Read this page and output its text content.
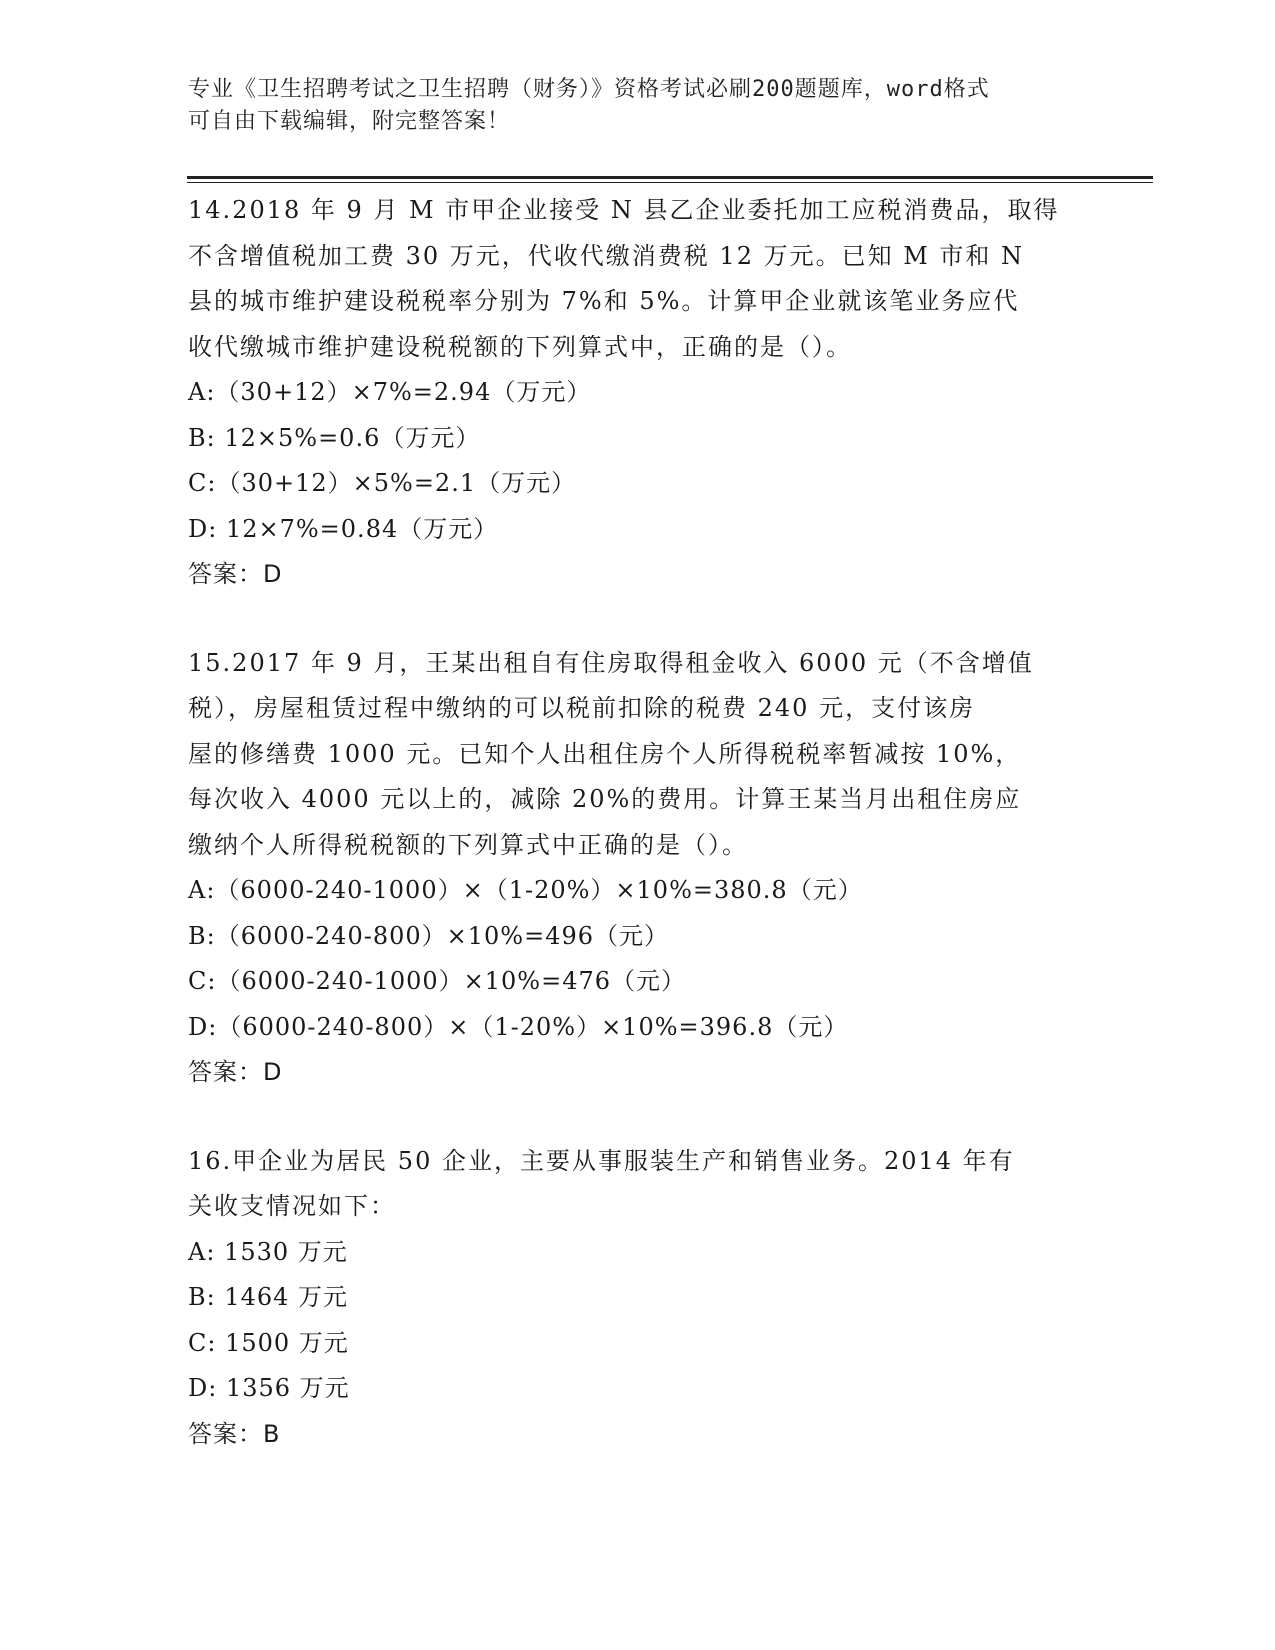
专业《卫生招聘考试之卫生招聘（财务）》资格考试必刷200题题库，word格式

可自由下载编辑，附完整答案！

14.2018 年 9 月 M 市甲企业接受 N 县乙企业委托加工应税消费品，取得

不含增值税加工费 30 万元，代收代缴消费税 12 万元。已知 M 市和 N

县的城市维护建设税税率分别为 7%和 5%。计算甲企业就该笔业务应代

收代缴城市维护建设税税额的下列算式中，正确的是（）。

A:（30+12）×7%=2.94（万元）

B: 12×5%=0.6（万元）

C:（30+12）×5%=2.1（万元）

D: 12×7%=0.84（万元）

答案：D

15.2017 年 9 月，王某出租自有住房取得租金收入 6000 元（不含增值

税），房屋租赁过程中缴纳的可以税前扣除的税费 240 元，支付该房

屋的修缮费 1000 元。已知个人出租住房个人所得税税率暂减按 10%，

每次收入 4000 元以上的，减除 20%的费用。计算王某当月出租住房应

缴纳个人所得税税额的下列算式中正确的是（）。

A:（6000-240-1000）×（1-20%）×10%=380.8（元）

B:（6000-240-800）×10%=496（元）

C:（6000-240-1000）×10%=476（元）

D:（6000-240-800）×（1-20%）×10%=396.8（元）

答案：D

16.甲企业为居民 50 企业，主要从事服装生产和销售业务。2014 年有

关收支情况如下：

A: 1530 万元

B: 1464 万元

C: 1500 万元

D: 1356 万元

答案：B
